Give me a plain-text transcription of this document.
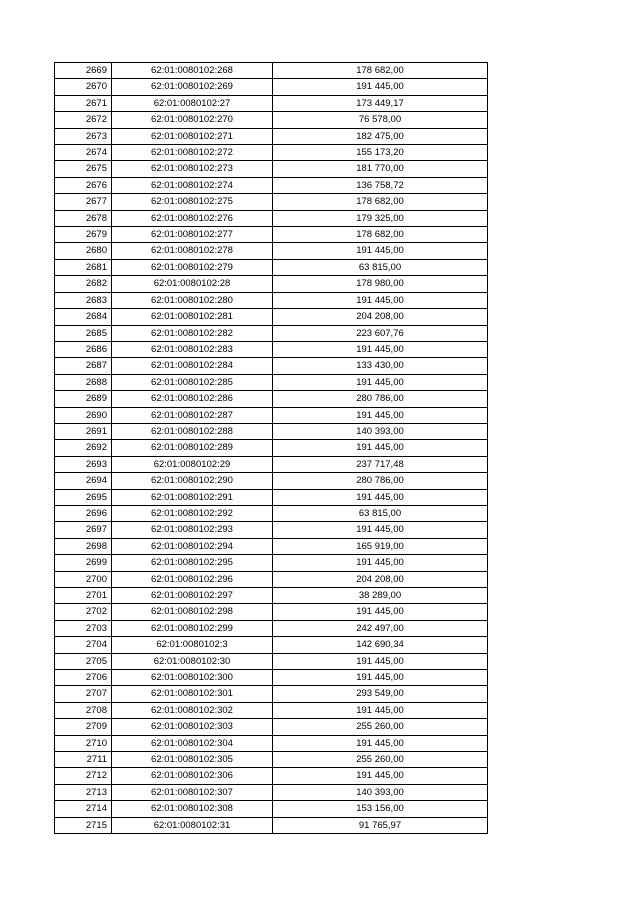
2669	62:01:0080102:268	178 682,00
2670	62:01:0080102:269	191 445,00
2671	62:01:0080102:27	173 449,17
2672	62:01:0080102:270	76 578,00
2673	62:01:0080102:271	182 475,00
2674	62:01:0080102:272	155 173,20
2675	62:01:0080102:273	181 770,00
2676	62:01:0080102:274	136 758,72
2677	62:01:0080102:275	178 682,00
2678	62:01:0080102:276	179 325,00
2679	62:01:0080102:277	178 682,00
2680	62:01:0080102:278	191 445,00
2681	62:01:0080102:279	63 815,00
2682	62:01:0080102:28	178 980,00
2683	62:01:0080102:280	191 445,00
2684	62:01:0080102:281	204 208,00
2685	62:01:0080102:282	223 607,76
2686	62:01:0080102:283	191 445,00
2687	62:01:0080102:284	133 430,00
2688	62:01:0080102:285	191 445,00
2689	62:01:0080102:286	280 786,00
2690	62:01:0080102:287	191 445,00
2691	62:01:0080102:288	140 393,00
2692	62:01:0080102:289	191 445,00
2693	62:01:0080102:29	237 717,48
2694	62:01:0080102:290	280 786,00
2695	62:01:0080102:291	191 445,00
2696	62:01:0080102:292	63 815,00
2697	62:01:0080102:293	191 445,00
2698	62:01:0080102:294	165 919,00
2699	62:01:0080102:295	191 445,00
2700	62:01:0080102:296	204 208,00
2701	62:01:0080102:297	38 289,00
2702	62:01:0080102:298	191 445,00
2703	62:01:0080102:299	242 497,00
2704	62:01:0080102:3	142 690,34
2705	62:01:0080102:30	191 445,00
2706	62:01:0080102:300	191 445,00
2707	62:01:0080102:301	293 549,00
2708	62:01:0080102:302	191 445,00
2709	62:01:0080102:303	255 260,00
2710	62:01:0080102:304	191 445,00
2711	62:01:0080102:305	255 260,00
2712	62:01:0080102:306	191 445,00
2713	62:01:0080102:307	140 393,00
2714	62:01:0080102:308	153 156,00
2715	62:01:0080102:31	91 765,97
